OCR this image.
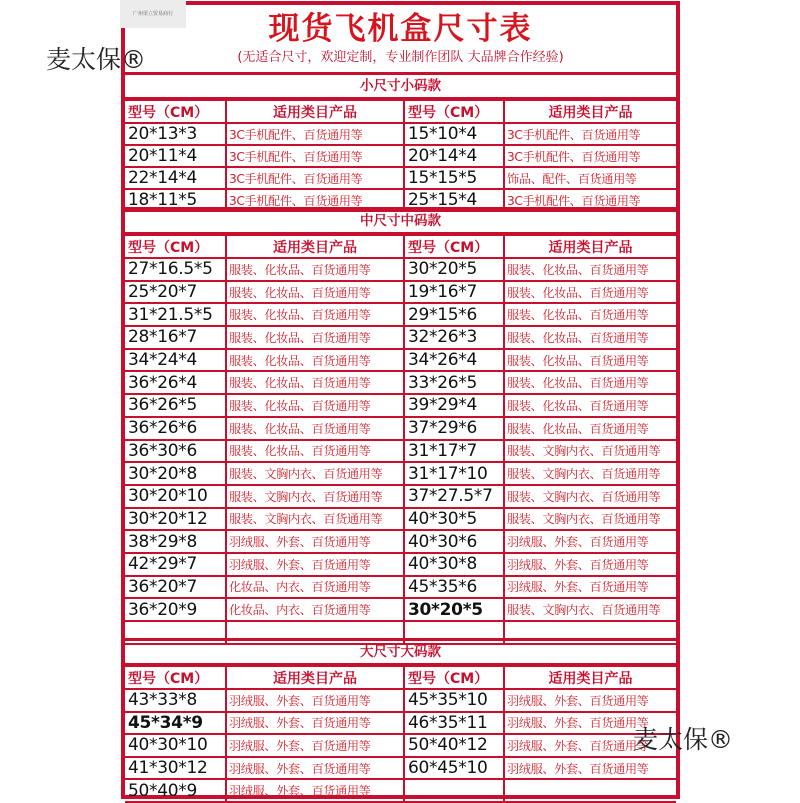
现货飞机盒尺寸表
(无适合尺寸，欢迎定制，专业制作团队 大品牌合作经验)
小尺寸小码款
型号（CM）	适用类目产品	型号（CM）	适用类目产品
20*13*3	3C手机配件、百货通用等	15*10*4	3C手机配件、百货通用等
20*11*4	3C手机配件、百货通用等	20*14*4	3C手机配件、百货通用等
22*14*4	3C手机配件、百货通用等	15*15*5	饰品、配件、百货通用等
18*11*5	3C手机配件、百货通用等	25*15*4	3C手机配件、百货通用等
中尺寸中码款
型号（CM）	适用类目产品	型号（CM）	适用类目产品
27*16.5*5	服装、化妆品、百货通用等	30*20*5	服装、化妆品、百货通用等
25*20*7	服装、化妆品、百货通用等	19*16*7	服装、化妆品、百货通用等
31*21.5*5	服装、化妆品、百货通用等	29*15*6	服装、化妆品、百货通用等
28*16*7	服装、化妆品、百货通用等	32*26*3	服装、化妆品、百货通用等
34*24*4	服装、化妆品、百货通用等	34*26*4	服装、化妆品、百货通用等
36*26*4	服装、化妆品、百货通用等	33*26*5	服装、化妆品、百货通用等
36*26*5	服装、化妆品、百货通用等	39*29*4	服装、化妆品、百货通用等
36*26*6	服装、化妆品、百货通用等	37*29*6	服装、化妆品、百货通用等
36*30*6	服装、化妆品、百货通用等	31*17*7	服装、文胸内衣、百货通用等
30*20*8	服装、文胸内衣、百货通用等	31*17*10	服装、文胸内衣、百货通用等
30*20*10	服装、文胸内衣、百货通用等	37*27.5*7	服装、文胸内衣、百货通用等
30*20*12	服装、文胸内衣、百货通用等	40*30*5	服装、文胸内衣、百货通用等
38*29*8	羽绒服、外套、百货通用等	40*30*6	羽绒服、外套、百货通用等
42*29*7	羽绒服、外套、百货通用等	40*30*8	羽绒服、外套、百货通用等
36*20*7	化妆品、内衣、百货通用等	45*35*6	羽绒服、外套、百货通用等
36*20*9	化妆品、内衣、百货通用等	30*20*5	服装、文胸内衣、百货通用等

大尺寸大码款
型号（CM）	适用类目产品	型号（CM）	适用类目产品
43*33*8	羽绒服、外套、百货通用等	45*35*10	羽绒服、外套、百货通用等
45*34*9	羽绒服、外套、百货通用等	46*35*11	羽绒服、外套、百货通用等
40*30*10	羽绒服、外套、百货通用等	50*40*12	羽绒服、外套、百货通用等
41*30*12	羽绒服、外套、百货通用等	60*45*10	羽绒服、外套、百货通用等
50*40*9	羽绒服、外套、百货通用等		
广州渠立贸易商行
麦太保®
麦太保®
